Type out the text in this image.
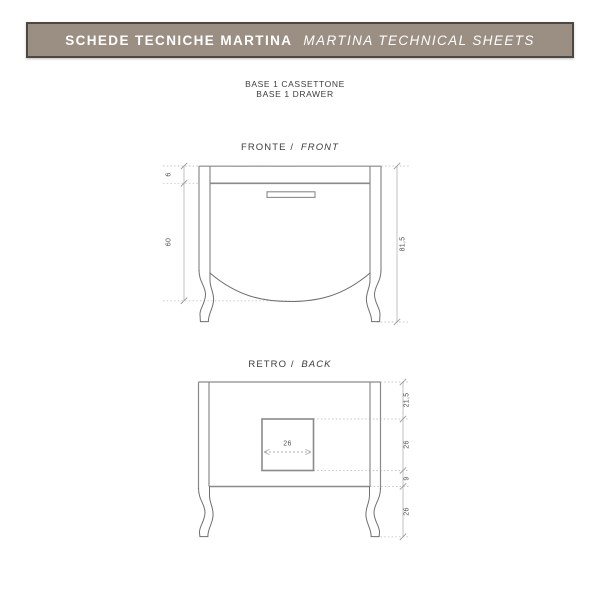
SCHEDE TECNICHE MARTINA MARTINA TECHNICAL SHEETS
BASE 1 CASSETTONE
BASE 1 DRAWER
FRONTE / FRONT
6
60	81,5
RETRO / BACK
26
21,5
26
9
26
